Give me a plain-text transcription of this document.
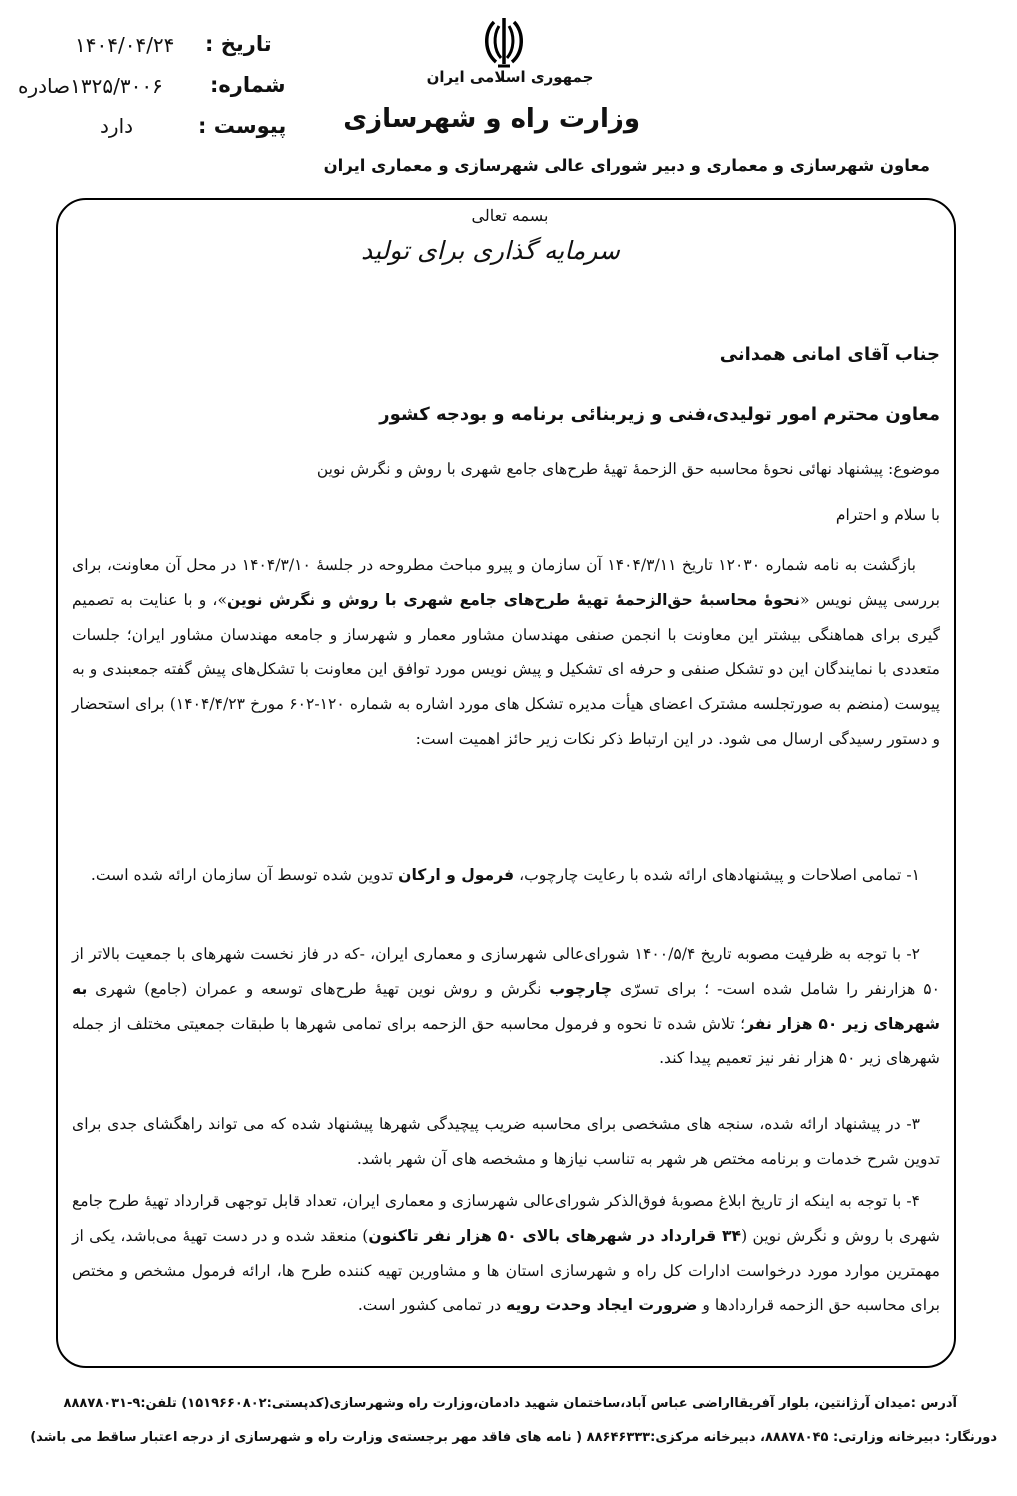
تاریخ :
۱۴۰۴/۰۴/۲۴
شماره:
۱۳۲۵/۳۰۰۶صادره
پیوست :
دارد
جمهوری اسلامی ایران
وزارت راه و شهرسازی
معاون شهرسازی و معماری و دبیر شورای عالی شهرسازی و معماری ایران
بسمه تعالی
سرمایه گذاری برای تولید
جناب آقای امانی همدانی
معاون محترم امور تولیدی،فنی و زیربنائی برنامه و بودجه کشور
موضوع: پیشنهاد نهائی نحوۀ محاسبه حق الزحمۀ تهیۀ طرح‌های جامع شهری با روش و نگرش نوین
با سلام و احترام
بازگشت به نامه شماره ۱۲۰۳۰ تاریخ ۱۴۰۴/۳/۱۱ آن سازمان و پیرو مباحث مطروحه در جلسۀ ۱۴۰۴/۳/۱۰ در محل آن معاونت، برای بررسی پیش نویس «نحوۀ محاسبۀ حق‌الزحمۀ تهیۀ طرح‌های جامع شهری با روش و نگرش نوین»، و با عنایت به تصمیم گیری برای هماهنگی بیشتر این معاونت با انجمن صنفی مهندسان مشاور معمار و شهرساز و جامعه مهندسان مشاور ایران؛ جلسات متعددی با نمایندگان این دو تشکل صنفی و حرفه ای تشکیل و پیش نویس مورد توافق این معاونت با تشکل‌های پیش گفته جمعبندی و به پیوست (منضم به صورتجلسه مشترک اعضای هیأت مدیره تشکل های مورد اشاره به شماره ۱۲۰-۶۰۲ مورخ ۱۴۰۴/۴/۲۳) برای استحضار و دستور رسیدگی ارسال می شود. در این ارتباط ذکر نکات زیر حائز اهمیت است:
۱- تمامی اصلاحات و پیشنهادهای ارائه شده با رعایت چارچوب، فرمول و ارکان تدوین شده توسط آن سازمان ارائه شده است.
۲- با توجه به ظرفیت مصوبه تاریخ ۱۴۰۰/۵/۴ شورای‌عالی شهرسازی و معماری ایران، -که در فاز نخست شهرهای با جمعیت بالاتر از ۵۰ هزارنفر را شامل شده است- ؛ برای تسرّی چارچوب نگرش و روش نوین تهیۀ طرح‌های توسعه و عمران (جامع) شهری به شهرهای زیر ۵۰ هزار نفر؛ تلاش شده تا نحوه و فرمول محاسبه حق الزحمه برای تمامی شهرها با طبقات جمعیتی مختلف از جمله شهرهای زیر ۵۰ هزار نفر نیز تعمیم پیدا کند.
۳- در پیشنهاد ارائه شده، سنجه های مشخصی برای محاسبه ضریب پیچیدگی شهرها پیشنهاد شده که می تواند راهگشای جدی برای تدوین شرح خدمات و برنامه مختص هر شهر به تناسب نیازها و مشخصه های آن شهر باشد.
۴- با توجه به اینکه از تاریخ ابلاغ مصوبۀ فوق‌الذکر شورای‌عالی شهرسازی و معماری ایران، تعداد قابل توجهی قرارداد تهیۀ طرح جامع شهری با روش و نگرش نوین (۳۴ قرارداد در شهرهای بالای ۵۰ هزار نفر تاکنون) منعقد شده و در دست تهیۀ می‌باشد، یکی از مهمترین موارد مورد درخواست ادارات کل راه و شهرسازی استان ها و مشاورین تهیه کننده طرح ها، ارائه فرمول مشخص و مختص برای محاسبه حق الزحمه قراردادها و ضرورت ایجاد وحدت رویه در تمامی کشور است.
آدرس :میدان آرژانتین، بلوار آفریقااراضی عباس آباد،ساختمان شهید دادمان،وزارت راه وشهرسازی(کدپستی:۱۵۱۹۶۶۰۸۰۲) تلفن:۹-۸۸۸۷۸۰۳۱
دورنگار: دبیرخانه وزارتی: ۸۸۸۷۸۰۴۵، دبیرخانه مرکزی:۸۸۶۴۶۳۳۳ ( نامه های فاقد مهر برجسته‌ی وزارت راه و شهرسازی از درجه اعتبار ساقط می باشد)
